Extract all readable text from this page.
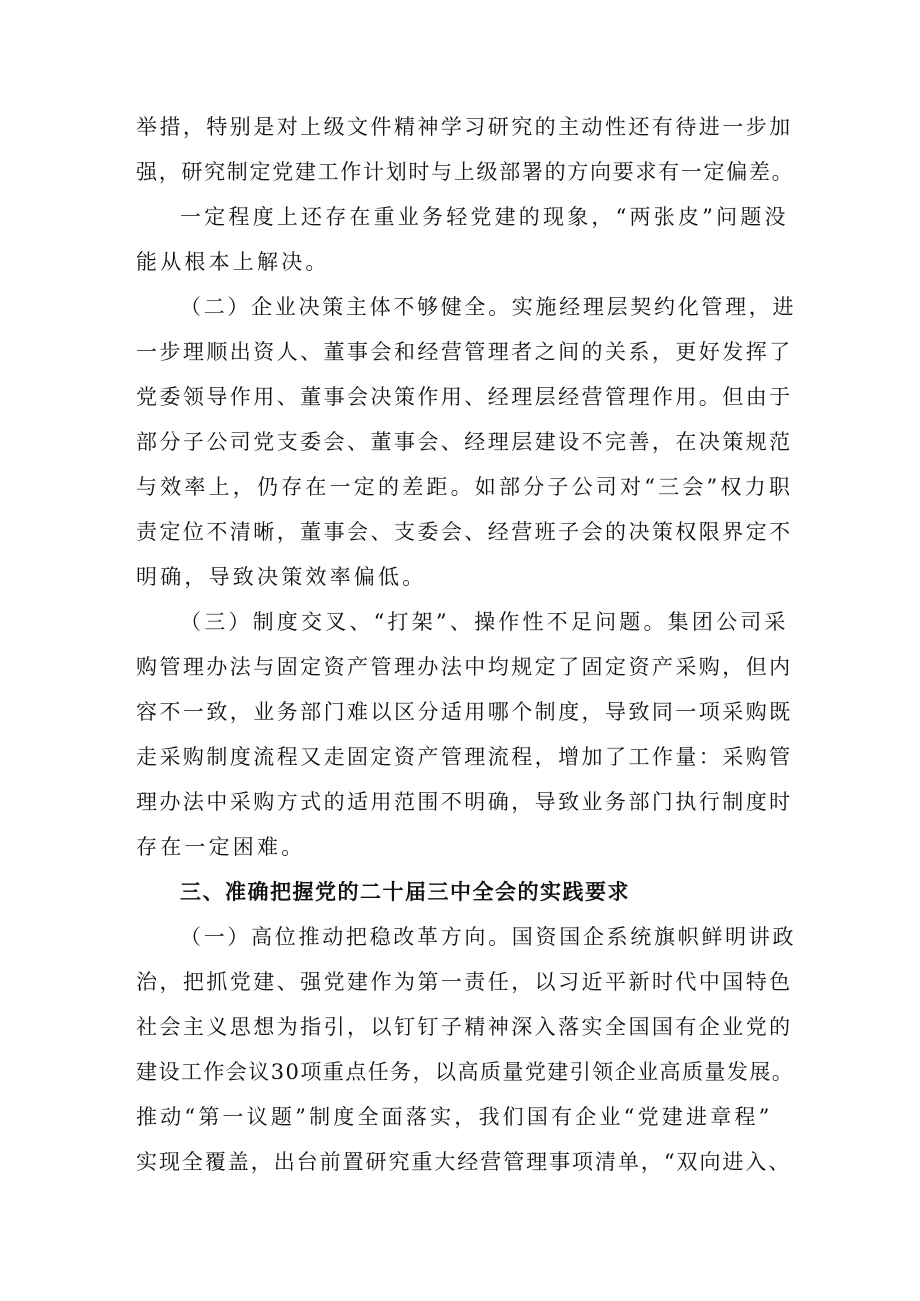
举措，特别是对上级文件精神学习研究的主动性还有待进一步加
强，研究制定党建工作计划时与上级部署的方向要求有一定偏差。
一定程度上还存在重业务轻党建的现象，“两张皮”问题没
能从根本上解决。
（二）企业决策主体不够健全。实施经理层契约化管理，进
一步理顺出资人、董事会和经营管理者之间的关系，更好发挥了
党委领导作用、董事会决策作用、经理层经营管理作用。但由于
部分子公司党支委会、董事会、经理层建设不完善，在决策规范
与效率上，仍存在一定的差距。如部分子公司对“三会”权力职
责定位不清晰，董事会、支委会、经营班子会的决策权限界定不
明确，导致决策效率偏低。
（三）制度交叉、“打架”、操作性不足问题。集团公司采
购管理办法与固定资产管理办法中均规定了固定资产采购，但内
容不一致，业务部门难以区分适用哪个制度，导致同一项采购既
走采购制度流程又走固定资产管理流程，增加了工作量：采购管
理办法中采购方式的适用范围不明确，导致业务部门执行制度时
存在一定困难。
三、准确把握党的二十届三中全会的实践要求
（一）高位推动把稳改革方向。国资国企系统旗帜鲜明讲政
治，把抓党建、强党建作为第一责任，以习近平新时代中国特色
社会主义思想为指引，以钉钉子精神深入落实全国国有企业党的
建设工作会议30项重点任务，以高质量党建引领企业高质量发展。
推动“第一议题”制度全面落实，我们国有企业“党建进章程”
实现全覆盖，出台前置研究重大经营管理事项清单，“双向进入、
